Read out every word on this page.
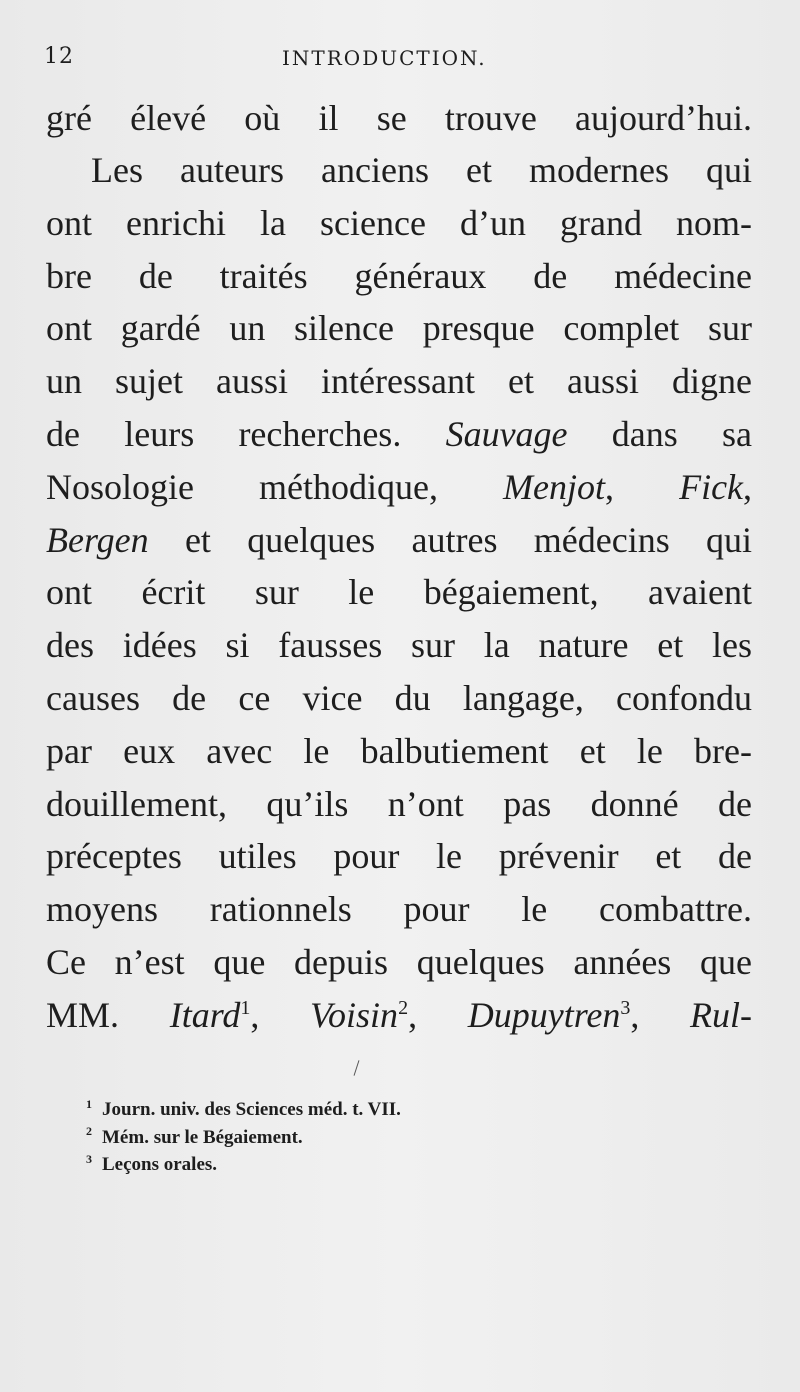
12	INTRODUCTION.
gré élevé où il se trouve aujourd’hui.
Les auteurs anciens et modernes qui
ont enrichi la science d’un grand nom-
bre de traités généraux de médecine
ont gardé un silence presque complet sur
un sujet aussi intéressant et aussi digne
de leurs recherches. Sauvage dans sa
Nosologie méthodique, Menjot, Fick,
Bergen et quelques autres médecins qui
ont écrit sur le bégaiement, avaient
des idées si fausses sur la nature et les
causes de ce vice du langage, confondu
par eux avec le balbutiement et le bre-
douillement, qu’ils n’ont pas donné de
préceptes utiles pour le prévenir et de
moyens rationnels pour le combattre.
Ce n’est que depuis quelques années que
MM. Itard$^1$, Voisin$^2$, Dupuytren$^3$, Rul-
1 Journ. univ. des Sciences méd. t. VII.
2 Mém. sur le Bégaiement.
3 Leçons orales.
